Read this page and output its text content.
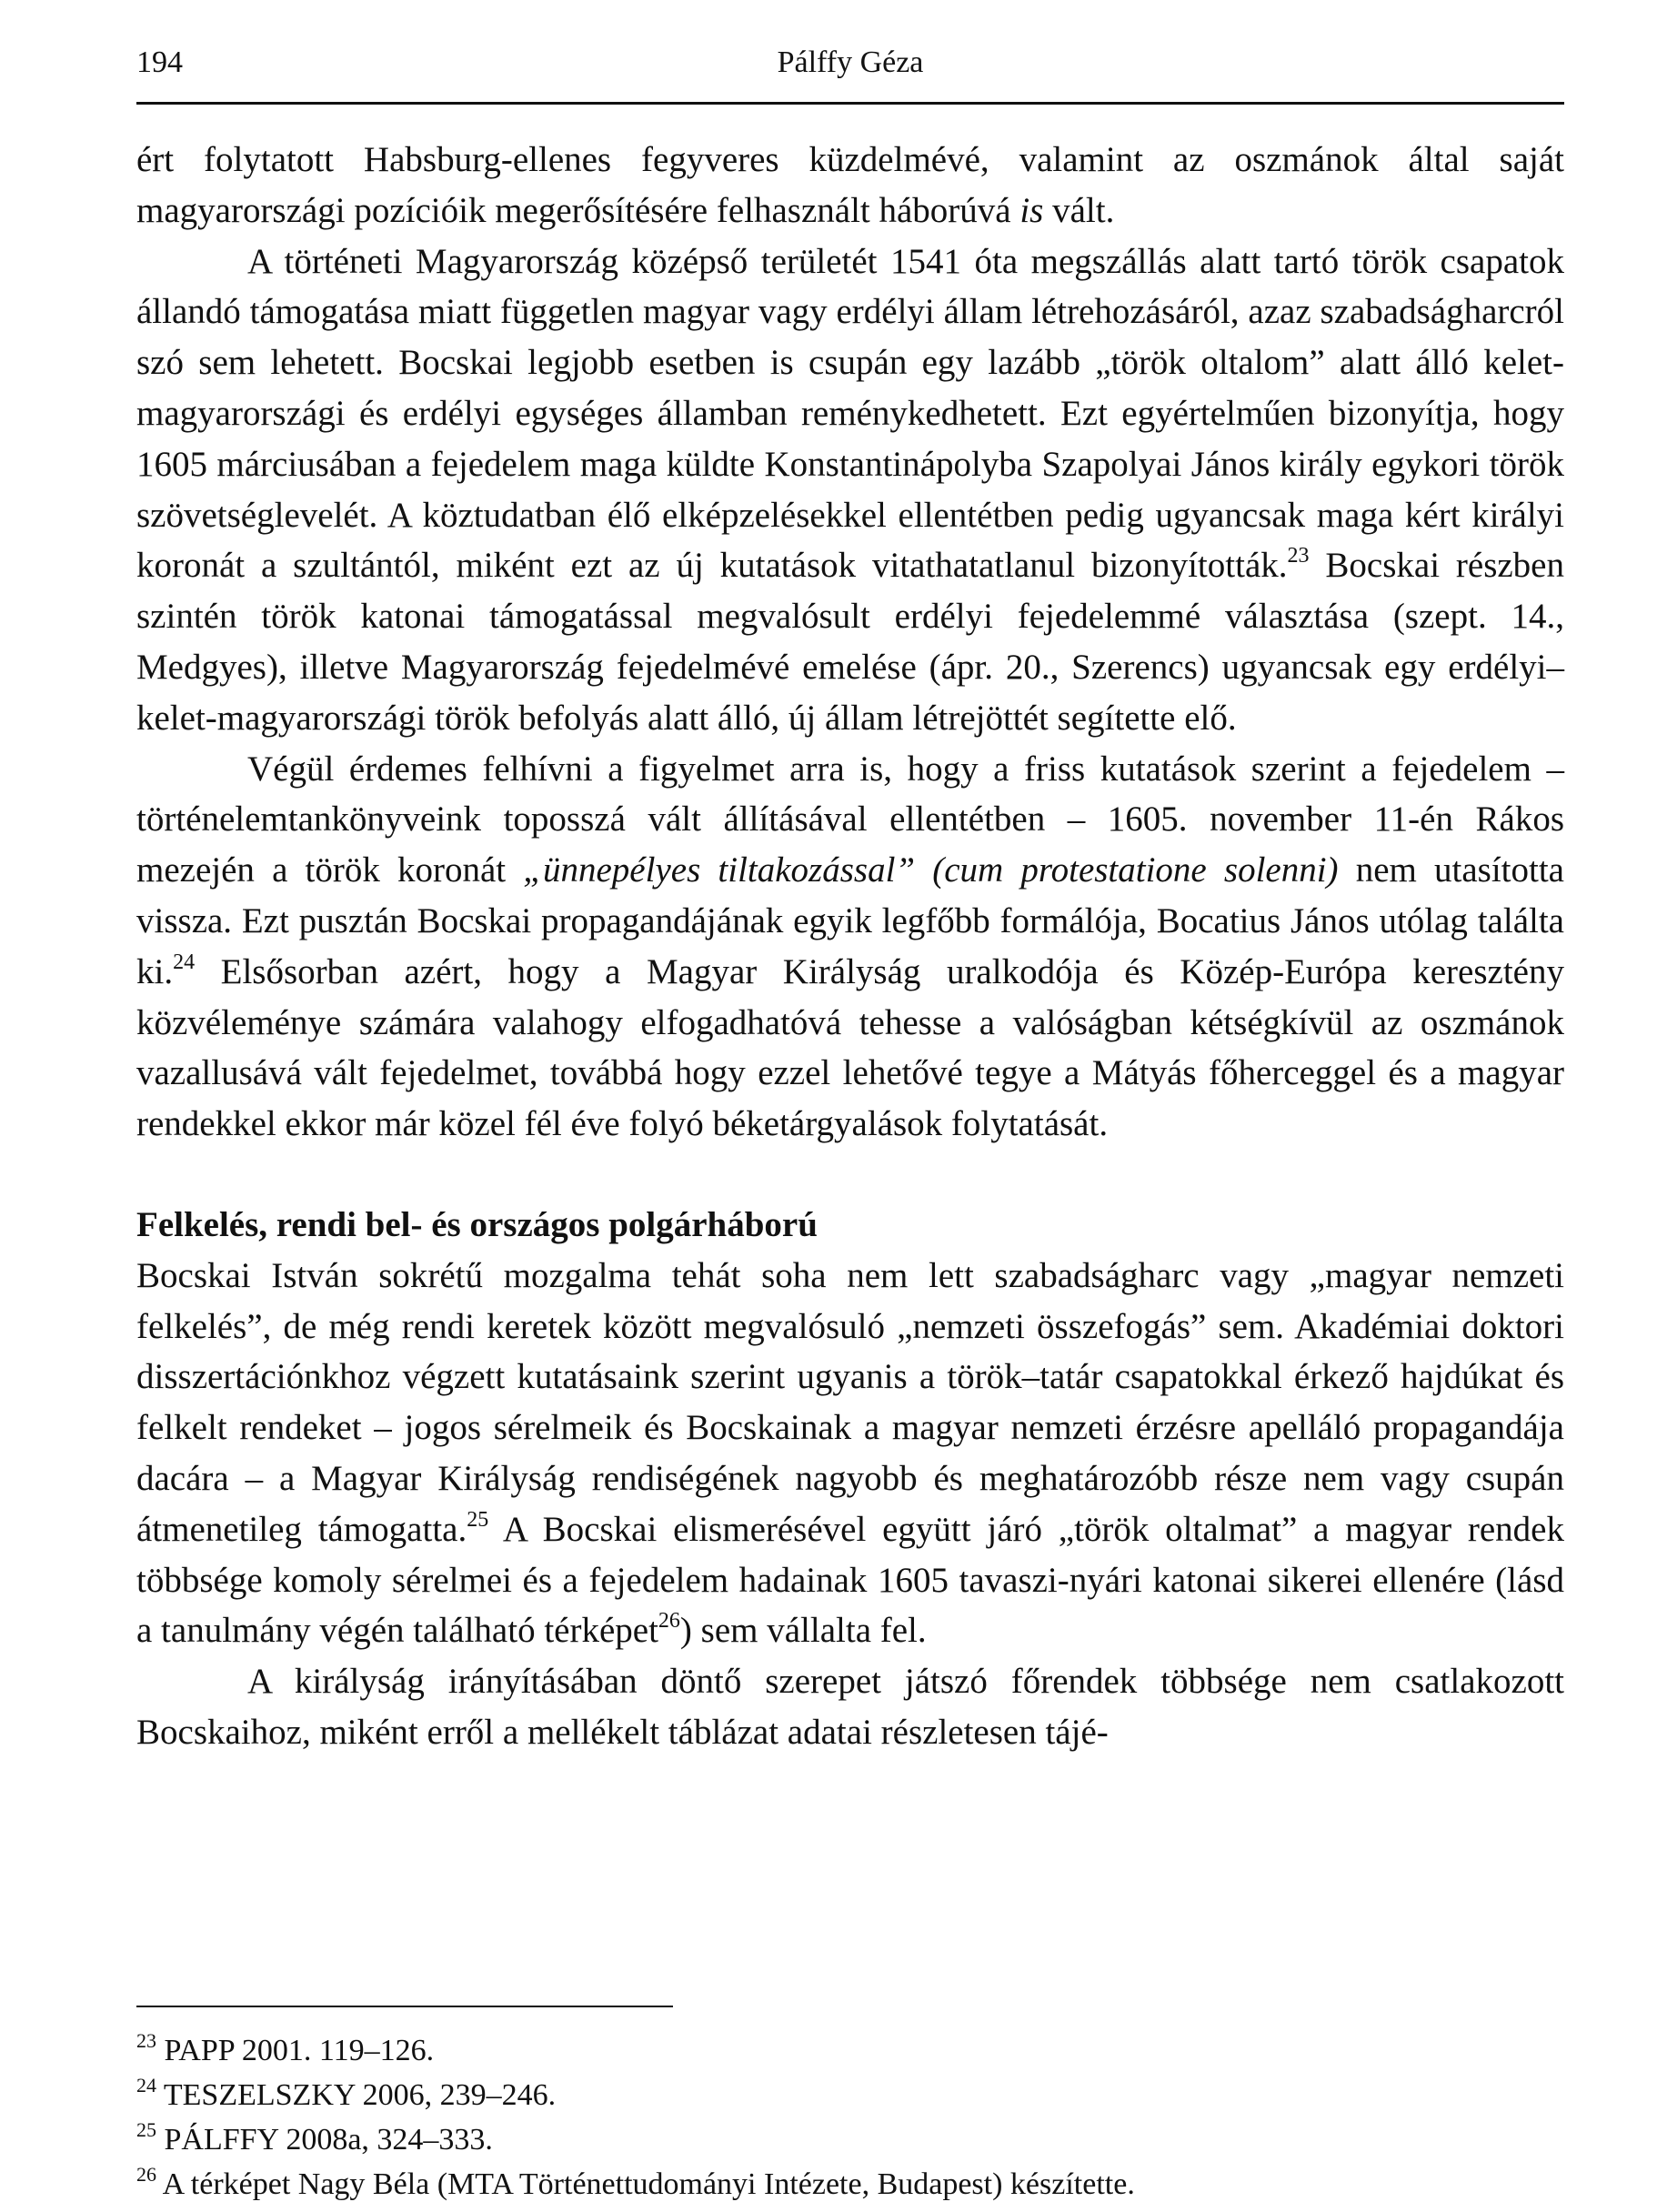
194	Pálffy Géza

ért folytatott Habsburg-ellenes fegyveres küzdelmévé, valamint az oszmánok által saját magyarországi pozícióik megerősítésére felhasznált háborúvá is vált.

A történeti Magyarország középső területét 1541 óta megszállás alatt tartó török csapatok állandó támogatása miatt független magyar vagy erdélyi állam létrehozásáról, azaz szabadságharcról szó sem lehetett. Bocskai legjobb esetben is csupán egy lazább „török oltalom” alatt álló kelet-magyarországi és erdélyi egységes államban reménykedhetett. Ezt egyértelműen bizonyítja, hogy 1605 márciusában a fejedelem maga küldte Konstantinápolyba Szapolyai János király egykori török szövetséglevelét. A köztudatban élő elképzelésekkel ellentétben pedig ugyancsak maga kért királyi koronát a szultántól, miként ezt az új kutatások vitathatatlanul bizonyították.$^{23}$ Bocskai részben szintén török katonai támogatással megvalósult erdélyi fejedelemmé választása (szept. 14., Medgyes), illetve Magyarország fejedelmévé emelése (ápr. 20., Szerencs) ugyancsak egy erdélyi–kelet-magyarországi török befolyás alatt álló, új állam létrejöttét segítette elő.

Végül érdemes felhívni a figyelmet arra is, hogy a friss kutatások szerint a fejedelem – történelemtankönyveink toposszá vált állításával ellentétben – 1605. november 11-én Rákos mezején a török koronát „ünnepélyes tiltakozással” (cum protestatione solenni) nem utasította vissza. Ezt pusztán Bocskai propagandájának egyik legfőbb formálója, Bocatius János utólag találta ki.$^{24}$ Elsősorban azért, hogy a Magyar Királyság uralkodója és Közép-Európa keresztény közvéleménye számára valahogy elfogadhatóvá tehesse a valóságban kétségkívül az oszmánok vazallusává vált fejedelmet, továbbá hogy ezzel lehetővé tegye a Mátyás főherceggel és a magyar rendekkel ekkor már közel fél éve folyó béketárgyalások folytatását.

Felkelés, rendi bel- és országos polgárháború

Bocskai István sokrétű mozgalma tehát soha nem lett szabadságharc vagy „magyar nemzeti felkelés”, de még rendi keretek között megvalósuló „nemzeti összefogás” sem. Akadémiai doktori disszertációnkhoz végzett kutatásaink szerint ugyanis a török–tatár csapatokkal érkező hajdúkat és felkelt rendeket – jogos sérelmeik és Bocskainak a magyar nemzeti érzésre apelláló propagandája dacára – a Magyar Királyság rendiségének nagyobb és meghatározóbb része nem vagy csupán átmenetileg támogatta.$^{25}$ A Bocskai elismerésével együtt járó „török oltalmat” a magyar rendek többsége komoly sérelmei és a fejedelem hadainak 1605 tavaszi-nyári katonai sikerei ellenére (lásd a tanulmány végén található térképet$^{26}$) sem vállalta fel.

A királyság irányításában döntő szerepet játszó főrendek többsége nem csatlakozott Bocskaihoz, miként erről a mellékelt táblázat adatai részletesen tájé-

$^{23}$ PAPP 2001. 119–126.

$^{24}$ TESZELSZKY 2006, 239–246.

$^{25}$ PÁLFFY 2008a, 324–333.

$^{26}$ A térképet Nagy Béla (MTA Történettudományi Intézete, Budapest) készítette.
